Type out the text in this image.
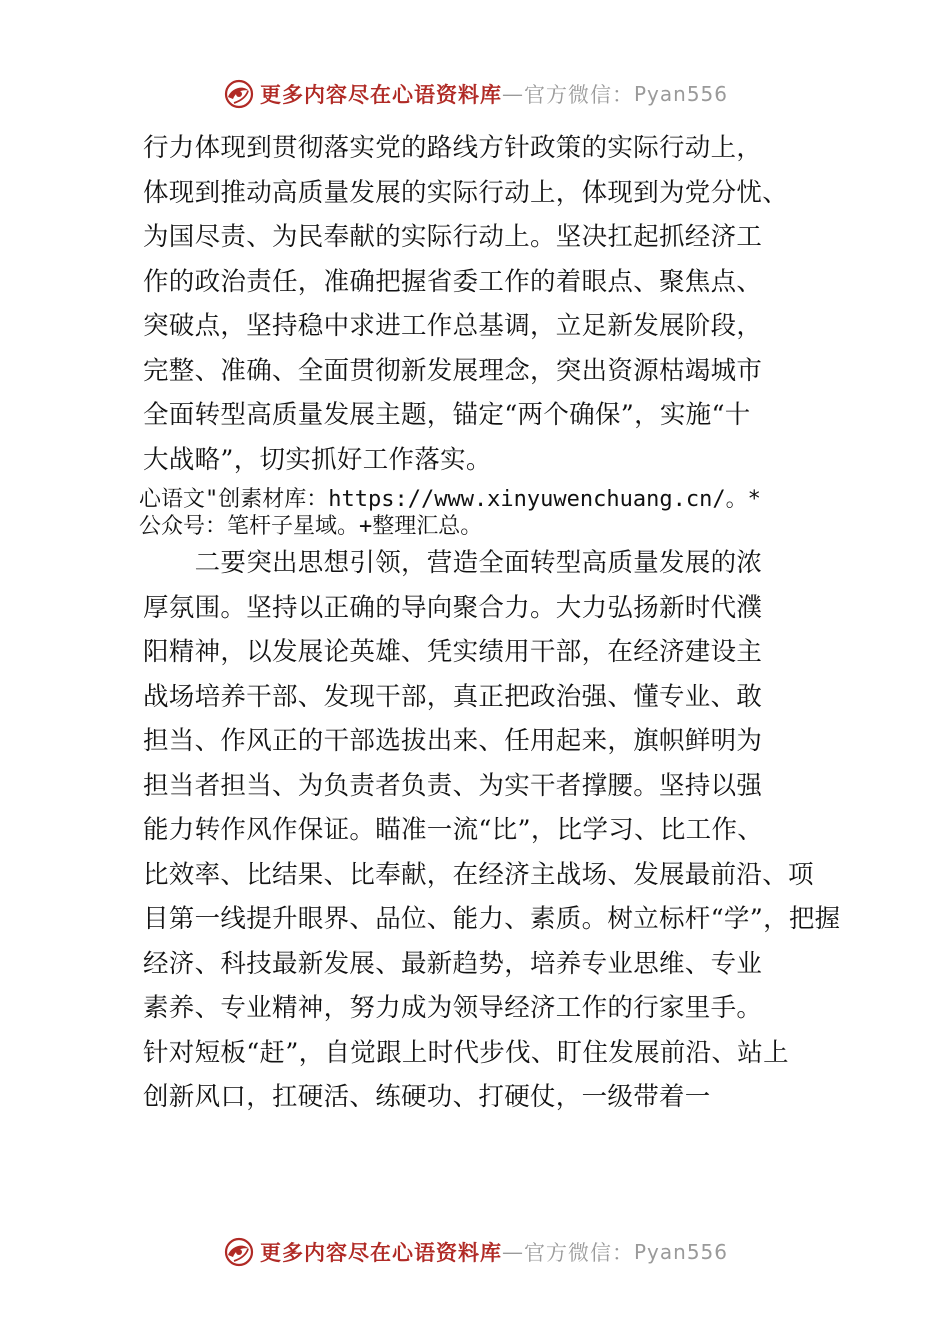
更多内容尽在心语资料库 — 官方微信： Pyan556
行力体现到贯彻落实党的路线方针政策的实际行动上，
体现到推动高质量发展的实际行动上，体现到为党分忧、
为国尽责、为民奉献的实际行动上。坚决扛起抓经济工
作的政治责任，准确把握省委工作的着眼点、聚焦点、
突破点，坚持稳中求进工作总基调，立足新发展阶段，
完整、准确、全面贯彻新发展理念，突出资源枯竭城市
全面转型高质量发展主题，锚定“两个确保”，实施“十
大战略”，切实抓好工作落实。
心语文"创素材库：https://www.xinyuwenchuang.cn/。*
公众号：笔杆子星域。+整理汇总。
　　二要突出思想引领，营造全面转型高质量发展的浓
厚氛围。坚持以正确的导向聚合力。大力弘扬新时代濮
阳精神，以发展论英雄、凭实绩用干部，在经济建设主
战场培养干部、发现干部，真正把政治强、懂专业、敢
担当、作风正的干部选拔出来、任用起来，旗帜鲜明为
担当者担当、为负责者负责、为实干者撑腰。坚持以强
能力转作风作保证。瞄准一流“比”，比学习、比工作、
比效率、比结果、比奉献，在经济主战场、发展最前沿、项
目第一线提升眼界、品位、能力、素质。树立标杆“学”，把握
经济、科技最新发展、最新趋势，培养专业思维、专业
素养、专业精神，努力成为领导经济工作的行家里手。
针对短板“赶”，自觉跟上时代步伐、盯住发展前沿、站上
创新风口，扛硬活、练硬功、打硬仗，一级带着一
更多内容尽在心语资料库 — 官方微信： Pyan556
